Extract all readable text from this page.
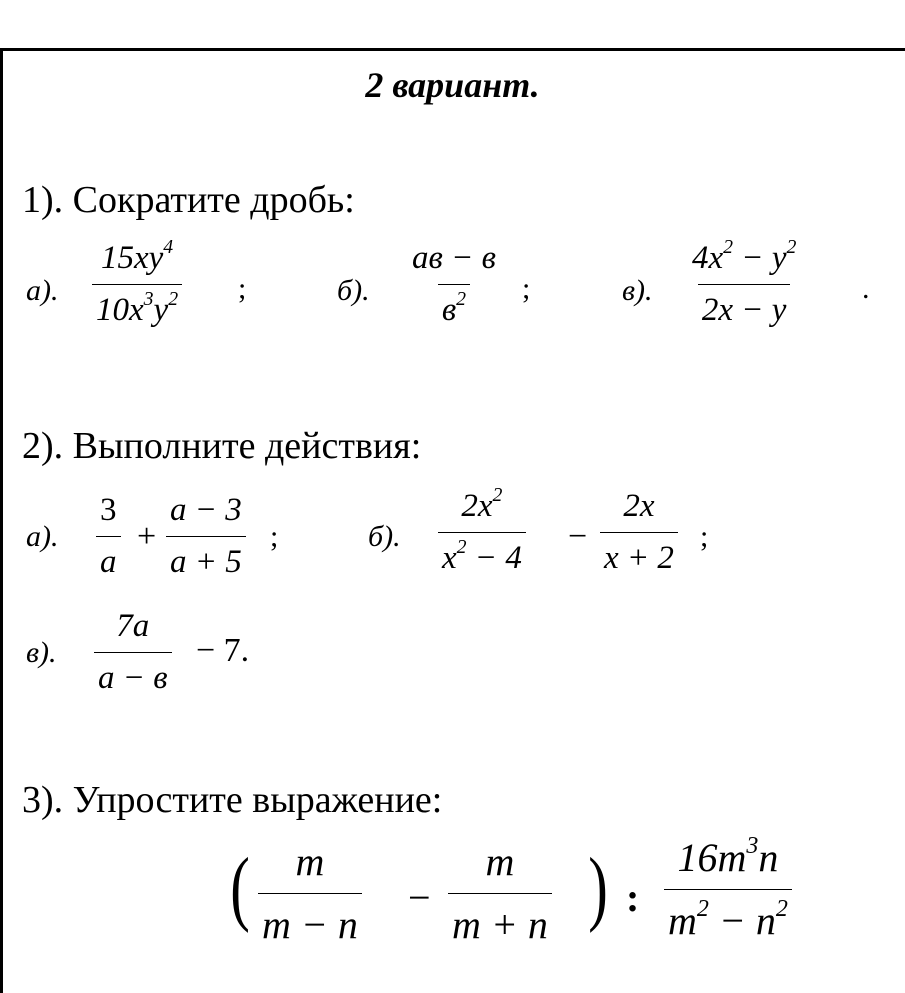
2 вариант.
1). Сократите дробь:
а). $\frac{15xy^4}{10x^3y^2}$ ;	б).
ав − в
$в^2$ ;	в). $\frac{4x^2 - y^2}{2x - y}$ .
2). Выполните действия:
а). $\frac{3}{a} + \frac{a - 3}{a + 5}$ ;	б). $\frac{2x^2}{x^2 - 4} - \frac{2x}{x + 2}$ ;
в).
7a
a − в
− 7.
3). Упростите выражение:
( $\frac{m}{m - n} - \frac{m}{m + n}$ ) : $\frac{16m^3n}{m^2 - n^2}$
